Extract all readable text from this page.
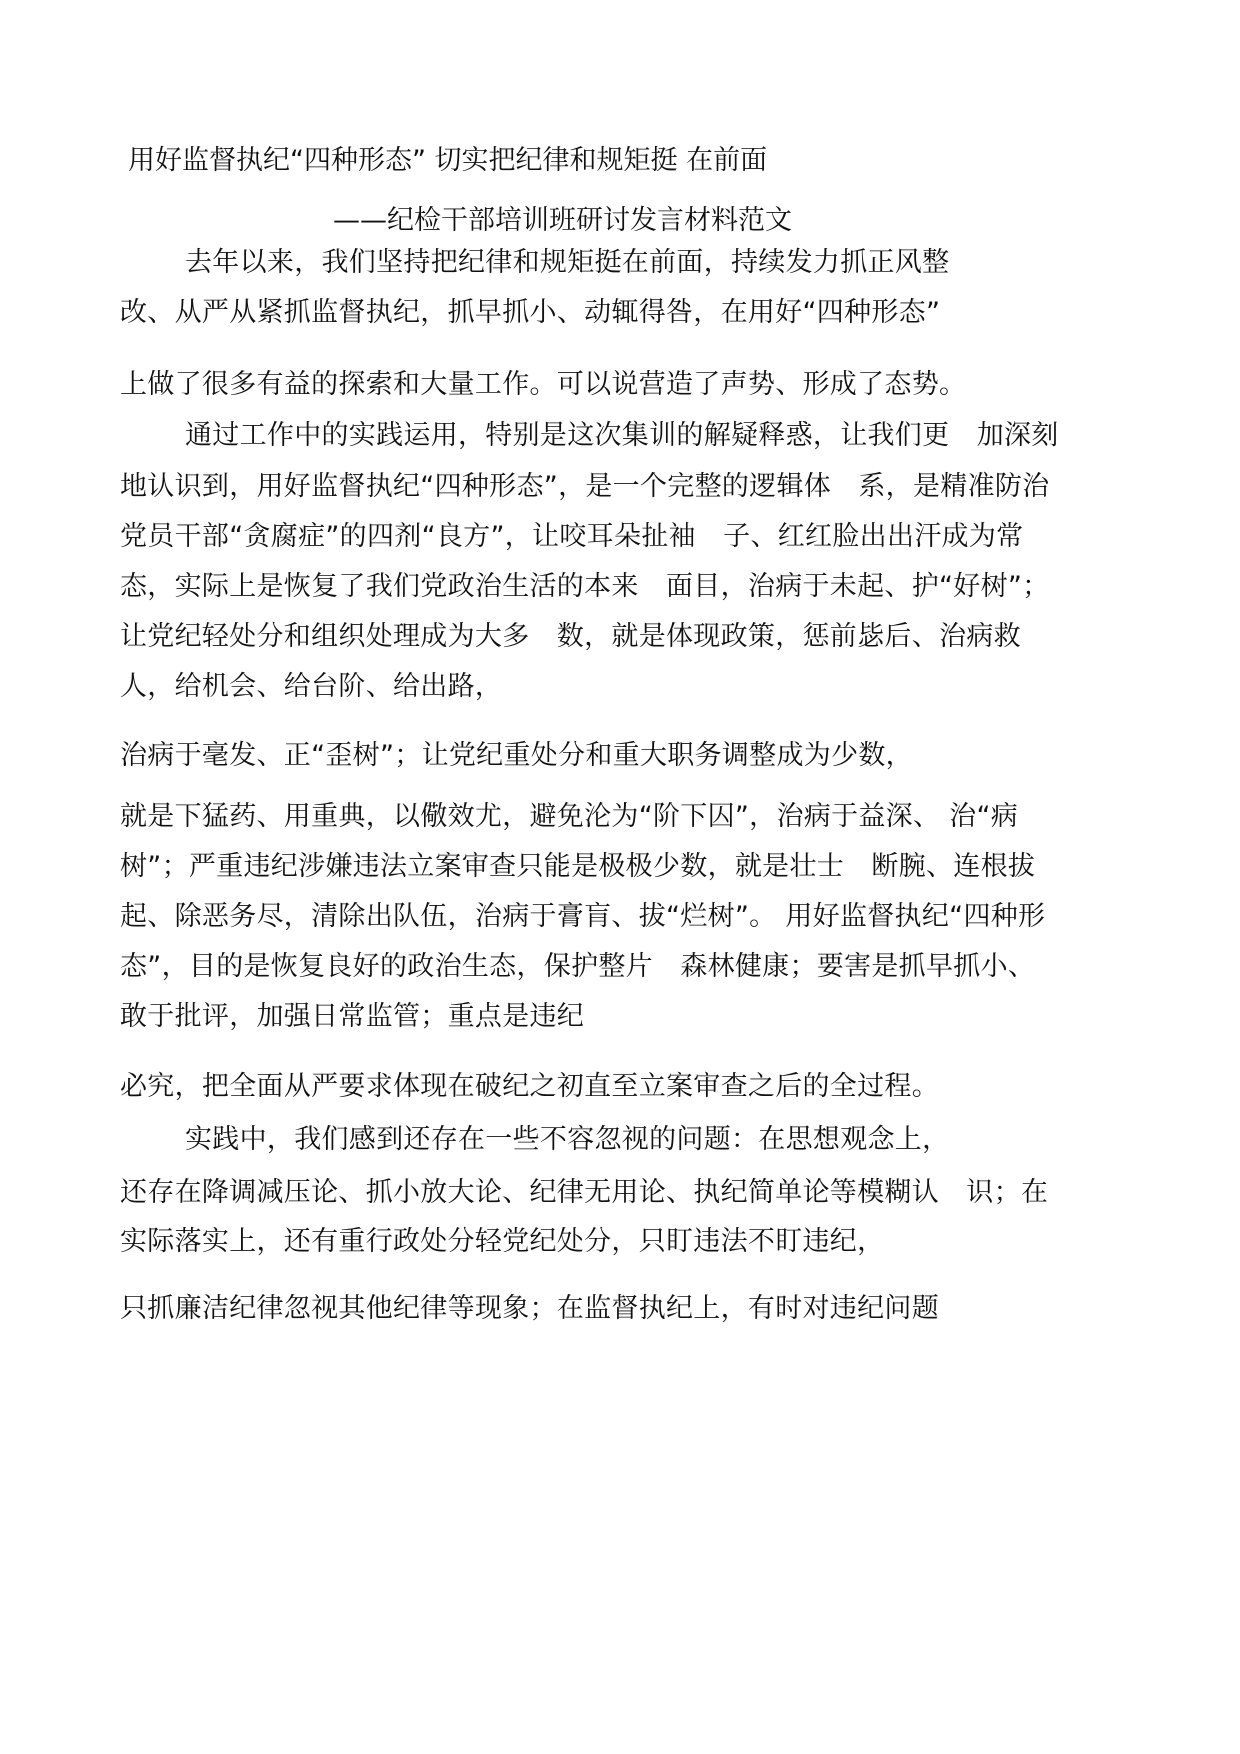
用好监督执纪“四种形态” 切实把纪律和规矩挺 在前面
——纪检干部培训班研讨发言材料范文
去年以来，我们坚持把纪律和规矩挺在前面，持续发力抓正风整
改、从严从紧抓监督执纪，抓早抓小、动辄得咎，在用好“四种形态”
上做了很多有益的探索和大量工作。可以说营造了声势、形成了态势。
通过工作中的实践运用，特别是这次集训的解疑释惑，让我们更　加深刻
地认识到，用好监督执纪“四种形态”，是一个完整的逻辑体　系，是精准防治
党员干部“贪腐症”的四剂“良方”，让咬耳朵扯袖　子、红红脸出出汗成为常
态，实际上是恢复了我们党政治生活的本来　面目，治病于未起、护“好树”；
让党纪轻处分和组织处理成为大多　数，就是体现政策，惩前毖后、治病救
人，给机会、给台阶、给出路，
治病于毫发、正“歪树”；让党纪重处分和重大职务调整成为少数，
就是下猛药、用重典，以儆效尤，避免沦为“阶下囚”，治病于益深、 治“病
树”；严重违纪涉嫌违法立案审查只能是极极少数，就是壮士　断腕、连根拔
起、除恶务尽，清除出队伍，治病于膏肓、拔“烂树”。 用好监督执纪“四种形
态”，目的是恢复良好的政治生态，保护整片　森林健康；要害是抓早抓小、
敢于批评，加强日常监管；重点是违纪
必究，把全面从严要求体现在破纪之初直至立案审查之后的全过程。
实践中，我们感到还存在一些不容忽视的问题：在思想观念上，
还存在降调减压论、抓小放大论、纪律无用论、执纪简单论等模糊认　识；在
实际落实上，还有重行政处分轻党纪处分，只盯违法不盯违纪，
只抓廉洁纪律忽视其他纪律等现象；在监督执纪上，有时对违纪问题
